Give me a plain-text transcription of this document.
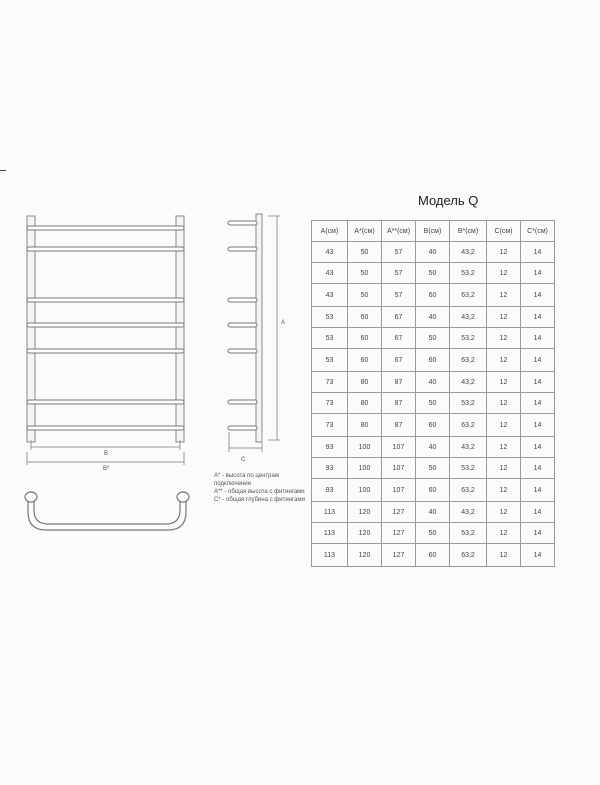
Модель Q
B
B*
A
C
A(см)	A*(см)	A**(см)	B(см)	B*(см)	C(см)	C*(см)
43	50	57	40	43,2	12	14
43	50	57	50	53,2	12	14
43	50	57	60	63,2	12	14
53	60	67	40	43,2	12	14
53	60	67	50	53,2	12	14
53	60	67	60	63,2	12	14
73	80	87	40	43,2	12	14
73	80	87	50	53,2	12	14
73	80	87	60	63,2	12	14
93	100	107	40	43,2	12	14
93	100	107	50	53,2	12	14
93	100	107	60	63,2	12	14
113	120	127	40	43,2	12	14
113	120	127	50	53,2	12	14
113	120	127	60	63,2	12	14
A* - высота по центрам подключения
A** - общая высота с фитингами
C* - общая глубина с фитингами
